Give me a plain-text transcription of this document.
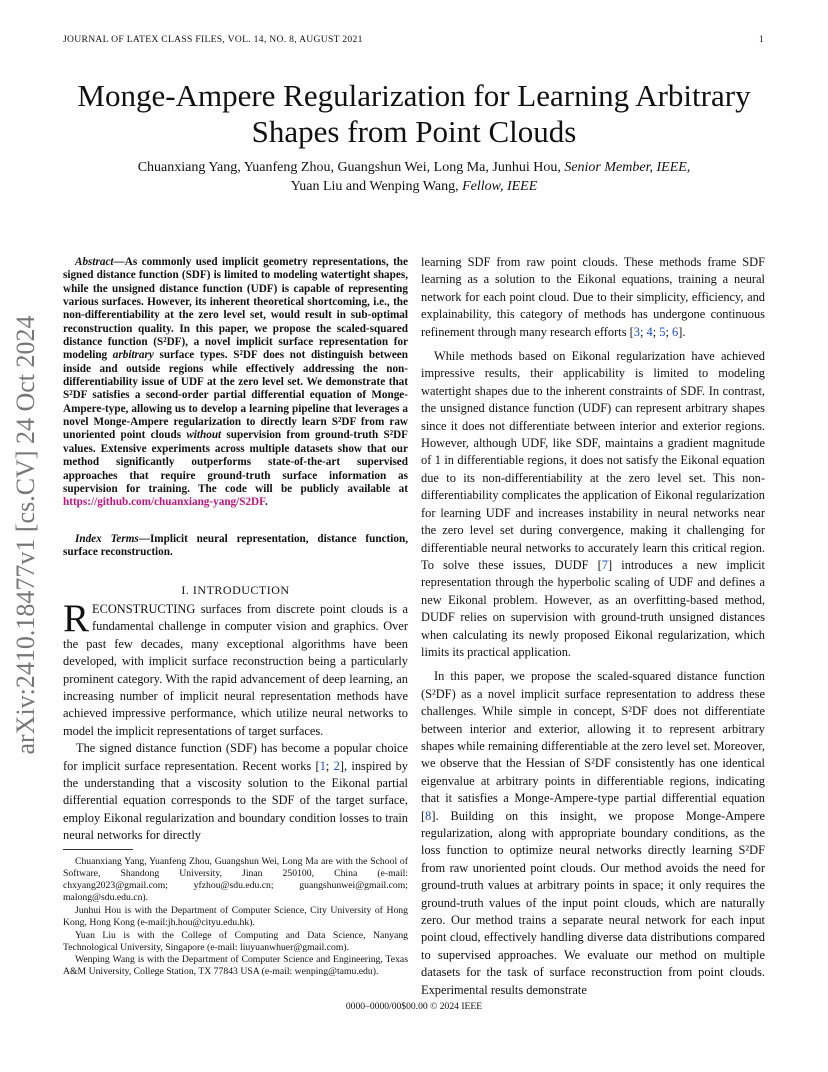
JOURNAL OF LATEX CLASS FILES, VOL. 14, NO. 8, AUGUST 2021	1
Monge-Ampere Regularization for Learning Arbitrary Shapes from Point Clouds
Chuanxiang Yang, Yuanfeng Zhou, Guangshun Wei, Long Ma, Junhui Hou, Senior Member, IEEE,
Yuan Liu and Wenping Wang, Fellow, IEEE
arXiv:2410.18477v1 [cs.CV] 24 Oct 2024
Abstract—As commonly used implicit geometry representations, the signed distance function (SDF) is limited to modeling watertight shapes, while the unsigned distance function (UDF) is capable of representing various surfaces. However, its inherent theoretical shortcoming, i.e., the non-differentiability at the zero level set, would result in sub-optimal reconstruction quality. In this paper, we propose the scaled-squared distance function (S²DF), a novel implicit surface representation for modeling arbitrary surface types. S²DF does not distinguish between inside and outside regions while effectively addressing the non-differentiability issue of UDF at the zero level set. We demonstrate that S²DF satisfies a second-order partial differential equation of Monge-Ampere-type, allowing us to develop a learning pipeline that leverages a novel Monge-Ampere regularization to directly learn S²DF from raw unoriented point clouds without supervision from ground-truth S²DF values. Extensive experiments across multiple datasets show that our method significantly outperforms state-of-the-art supervised approaches that require ground-truth surface information as supervision for training. The code will be publicly available at https://github.com/chuanxiang-yang/S2DF.
Index Terms—Implicit neural representation, distance function, surface reconstruction.
I. INTRODUCTION

RECONSTRUCTING surfaces from discrete point clouds is a fundamental challenge in computer vision and graphics. Over the past few decades, many exceptional algorithms have been developed, with implicit surface reconstruction being a particularly prominent category. With the rapid advancement of deep learning, an increasing number of implicit neural representation methods have achieved impressive performance, which utilize neural networks to model the implicit representations of target surfaces.

The signed distance function (SDF) has become a popular choice for implicit surface representation. Recent works [1; 2], inspired by the understanding that a viscosity solution to the Eikonal partial differential equation corresponds to the SDF of the target surface, employ Eikonal regularization and boundary condition losses to train neural networks for directly

Chuanxiang Yang, Yuanfeng Zhou, Guangshun Wei, Long Ma are with the School of Software, Shandong University, Jinan 250100, China (e-mail: chxyang2023@gmail.com; yfzhou@sdu.edu.cn; guangshunwei@gmail.com; malong@sdu.edu.cn).

Junhui Hou is with the Department of Computer Science, City University of Hong Kong, Hong Kong (e-mail:jh.hou@cityu.edu.hk).

Yuan Liu is with the College of Computing and Data Science, Nanyang Technological University, Singapore (e-mail: liuyuanwhuer@gmail.com).

Wenping Wang is with the Department of Computer Science and Engineering, Texas A&M University, College Station, TX 77843 USA (e-mail: wenping@tamu.edu).

learning SDF from raw point clouds. These methods frame SDF learning as a solution to the Eikonal equations, training a neural network for each point cloud. Due to their simplicity, efficiency, and explainability, this category of methods has undergone continuous refinement through many research efforts [3; 4; 5; 6].

While methods based on Eikonal regularization have achieved impressive results, their applicability is limited to modeling watertight shapes due to the inherent constraints of SDF. In contrast, the unsigned distance function (UDF) can represent arbitrary shapes since it does not differentiate between interior and exterior regions. However, although UDF, like SDF, maintains a gradient magnitude of 1 in differentiable regions, it does not satisfy the Eikonal equation due to its non-differentiability at the zero level set. This non-differentiability complicates the application of Eikonal regularization for learning UDF and increases instability in neural networks near the zero level set during convergence, making it challenging for differentiable neural networks to accurately learn this critical region. To solve these issues, DUDF [7] introduces a new implicit representation through the hyperbolic scaling of UDF and defines a new Eikonal problem. However, as an overfitting-based method, DUDF relies on supervision with ground-truth unsigned distances when calculating its newly proposed Eikonal regularization, which limits its practical application.

In this paper, we propose the scaled-squared distance function (S²DF) as a novel implicit surface representation to address these challenges. While simple in concept, S²DF does not differentiate between interior and exterior, allowing it to represent arbitrary shapes while remaining differentiable at the zero level set. Moreover, we observe that the Hessian of S²DF consistently has one identical eigenvalue at arbitrary points in differentiable regions, indicating that it satisfies a Monge-Ampere-type partial differential equation [8]. Building on this insight, we propose Monge-Ampere regularization, along with appropriate boundary conditions, as the loss function to optimize neural networks directly learning S²DF from raw unoriented point clouds. Our method avoids the need for ground-truth values at arbitrary points in space; it only requires the ground-truth values of the input point clouds, which are naturally zero. Our method trains a separate neural network for each input point cloud, effectively handling diverse data distributions compared to supervised approaches. We evaluate our method on multiple datasets for the task of surface reconstruction from point clouds. Experimental results demonstrate

0000–0000/00$00.00 © 2024 IEEE
